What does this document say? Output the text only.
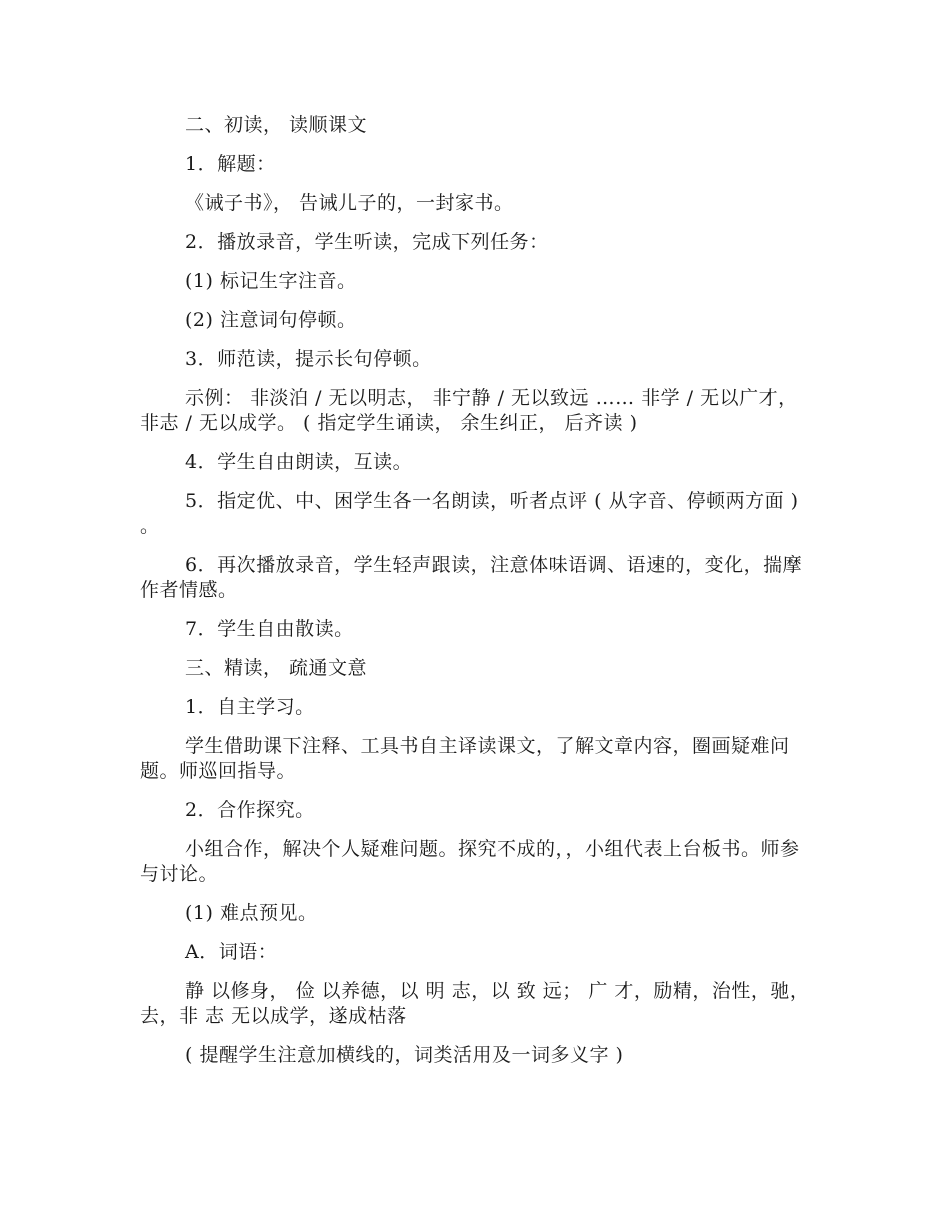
二、初读， 读顺课文

1．解题：

《诫子书》， 告诫儿子的，一封家书。

2．播放录音，学生听读，完成下列任务：

(1) 标记生字注音。

(2) 注意词句停顿。

3．师范读，提示长句停顿。

示例： 非淡泊 / 无以明志， 非宁静 / 无以致远 …… 非学 / 无以广才， 非志 / 无以成学。 ( 指定学生诵读， 余生纠正， 后齐读 )

4．学生自由朗读，互读。

5．指定优、中、困学生各一名朗读，听者点评 ( 从字音、停顿两方面 ) 。

6．再次播放录音，学生轻声跟读，注意体味语调、语速的，变化，揣摩作者情感。

7．学生自由散读。

三、精读， 疏通文意

1．自主学习。

学生借助课下注释、工具书自主译读课文，了解文章内容，圈画疑难问题。师巡回指导。

2．合作探究。

小组合作，解决个人疑难问题。探究不成的，，小组代表上台板书。师参与讨论。

(1) 难点预见。

A．词语：

静 以修身， 俭 以养德，以 明 志，以 致 远； 广 才，励精，治性，驰，去，非 志 无以成学，遂成枯落

( 提醒学生注意加横线的，词类活用及一词多义字 )
